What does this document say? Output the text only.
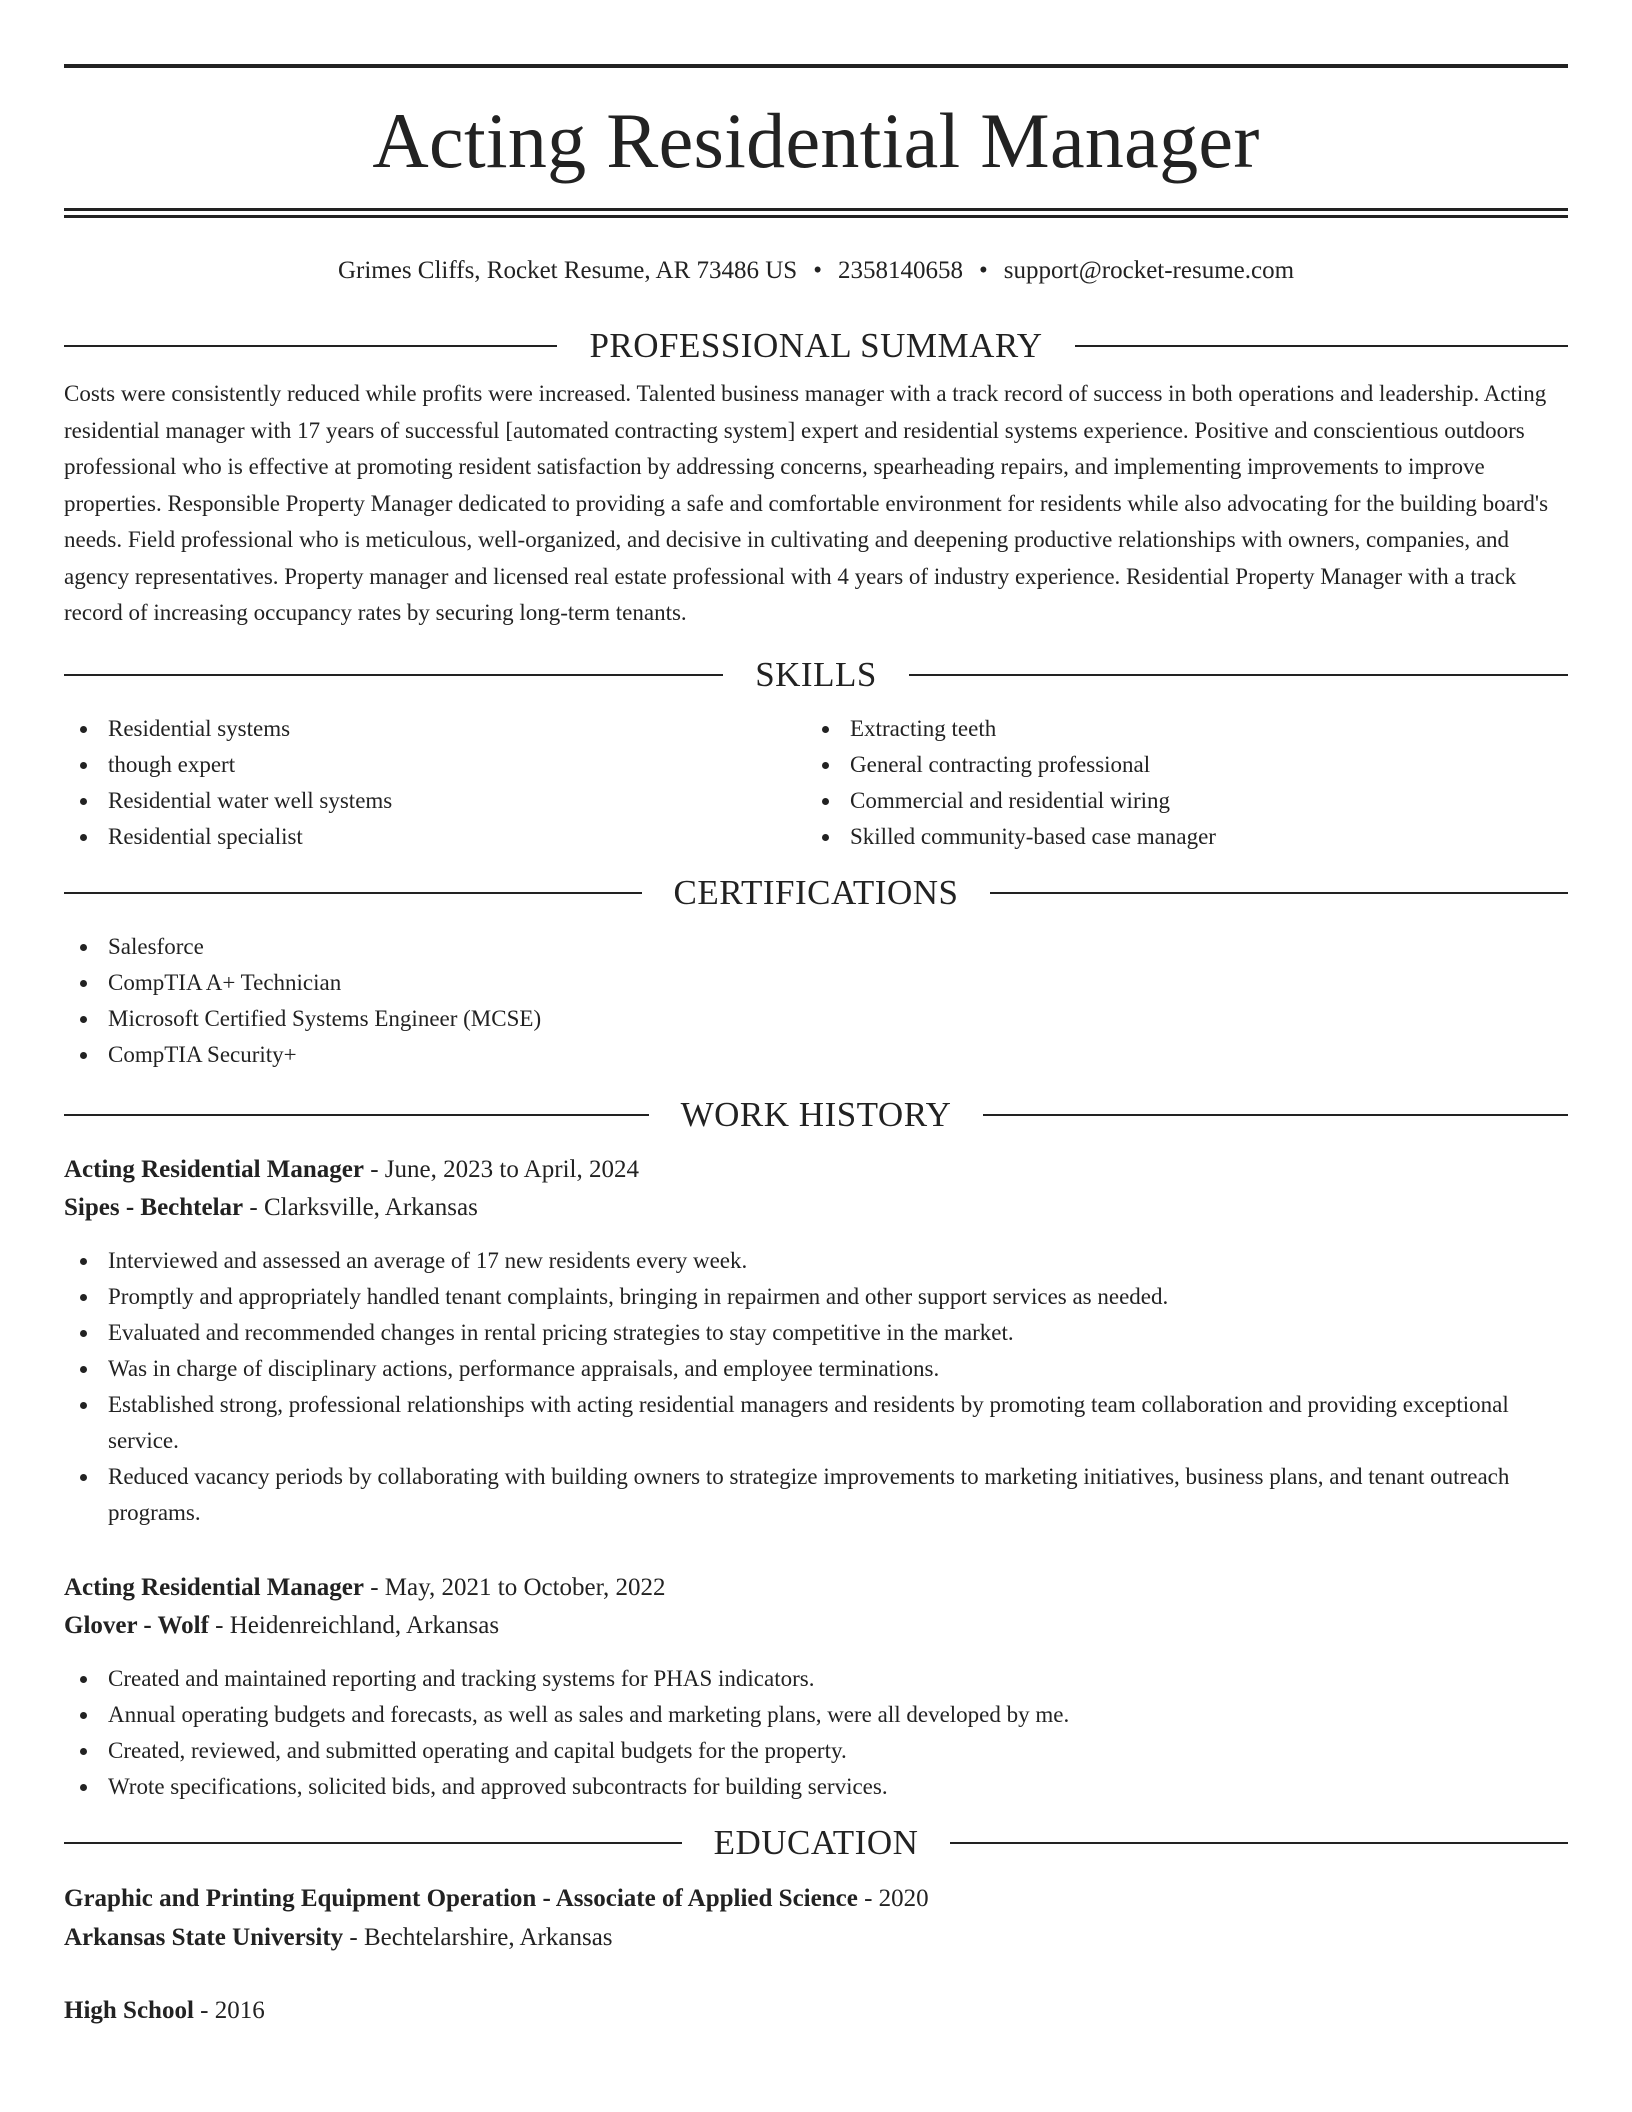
Acting Residential Manager
Grimes Cliffs, Rocket Resume, AR 73486 US • 2358140658 • support@rocket-resume.com
PROFESSIONAL SUMMARY

Costs were consistently reduced while profits were increased. Talented business manager with a track record of success in both operations and leadership. Acting residential manager with 17 years of successful [automated contracting system] expert and residential systems experience. Positive and conscientious outdoors professional who is effective at promoting resident satisfaction by addressing concerns, spearheading repairs, and implementing improvements to improve properties. Responsible Property Manager dedicated to providing a safe and comfortable environment for residents while also advocating for the building board's needs. Field professional who is meticulous, well-organized, and decisive in cultivating and deepening productive relationships with owners, companies, and agency representatives. Property manager and licensed real estate professional with 4 years of industry experience. Residential Property Manager with a track record of increasing occupancy rates by securing long-term tenants.

SKILLS
Residential systems
though expert
Residential water well systems
Residential specialist
Extracting teeth
General contracting professional
Commercial and residential wiring
Skilled community-based case manager
CERTIFICATIONS
Salesforce
CompTIA A+ Technician
Microsoft Certified Systems Engineer (MCSE)
CompTIA Security+
WORK HISTORY
Acting Residential Manager - June, 2023 to April, 2024
Sipes - Bechtelar - Clarksville, Arkansas
Interviewed and assessed an average of 17 new residents every week.
Promptly and appropriately handled tenant complaints, bringing in repairmen and other support services as needed.
Evaluated and recommended changes in rental pricing strategies to stay competitive in the market.
Was in charge of disciplinary actions, performance appraisals, and employee terminations.
Established strong, professional relationships with acting residential managers and residents by promoting team collaboration and providing exceptional service.
Reduced vacancy periods by collaborating with building owners to strategize improvements to marketing initiatives, business plans, and tenant outreach programs.
Acting Residential Manager - May, 2021 to October, 2022
Glover - Wolf - Heidenreichland, Arkansas
Created and maintained reporting and tracking systems for PHAS indicators.
Annual operating budgets and forecasts, as well as sales and marketing plans, were all developed by me.
Created, reviewed, and submitted operating and capital budgets for the property.
Wrote specifications, solicited bids, and approved subcontracts for building services.
EDUCATION
Graphic and Printing Equipment Operation - Associate of Applied Science - 2020
Arkansas State University - Bechtelarshire, Arkansas
High School - 2016
